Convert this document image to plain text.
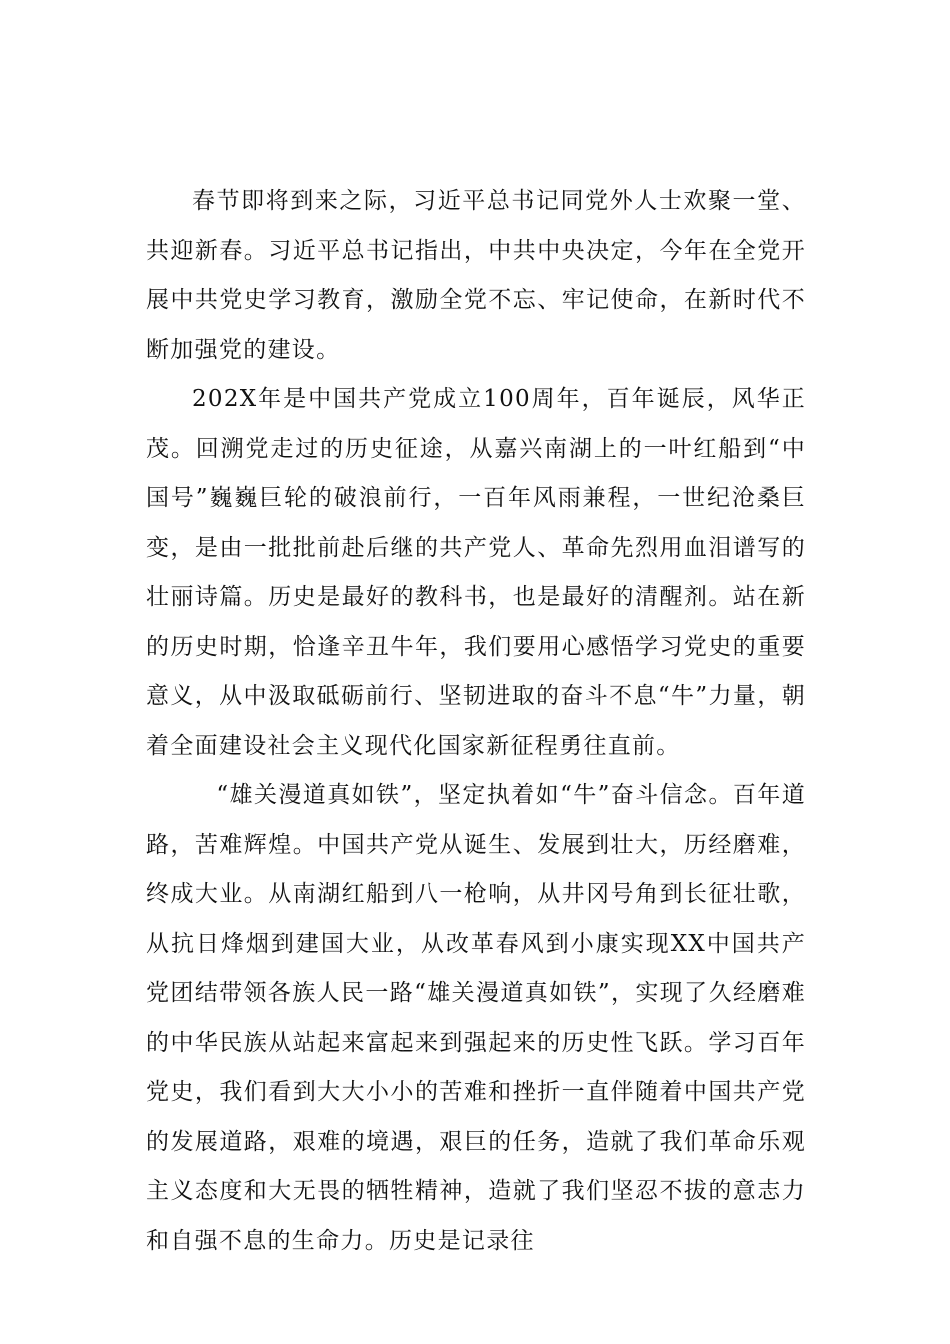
春节即将到来之际，习近平总书记同党外人士欢聚一堂、共迎新春。习近平总书记指出，中共中央决定，今年在全党开展中共党史学习教育，激励全党不忘、牢记使命，在新时代不断加强党的建设。

202X年是中国共产党成立100周年，百年诞辰，风华正茂。回溯党走过的历史征途，从嘉兴南湖上的一叶红船到“中国号”巍巍巨轮的破浪前行，一百年风雨兼程，一世纪沧桑巨变，是由一批批前赴后继的共产党人、革命先烈用血泪谱写的壮丽诗篇。历史是最好的教科书，也是最好的清醒剂。站在新的历史时期，恰逢辛丑牛年，我们要用心感悟学习党史的重要意义，从中汲取砥砺前行、坚韧进取的奋斗不息“牛”力量，朝着全面建设社会主义现代化国家新征程勇往直前。

　“雄关漫道真如铁”，坚定执着如“牛”奋斗信念。百年道路，苦难辉煌。中国共产党从诞生、发展到壮大，历经磨难，终成大业。从南湖红船到八一枪响，从井冈号角到长征壮歌，从抗日烽烟到建国大业，从改革春风到小康实现XX中国共产党团结带领各族人民一路“雄关漫道真如铁”，实现了久经磨难的中华民族从站起来富起来到强起来的历史性飞跃。学习百年党史，我们看到大大小小的苦难和挫折一直伴随着中国共产党的发展道路，艰难的境遇，艰巨的任务，造就了我们革命乐观主义态度和大无畏的牺牲精神，造就了我们坚忍不拔的意志力和自强不息的生命力。历史是记录往
